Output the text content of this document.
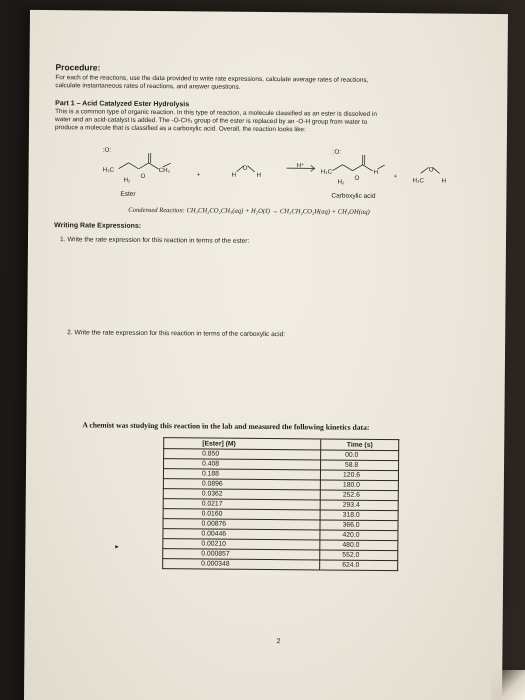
Procedure:
For each of the reactions, use the data provided to write rate expressions, calculate average rates of reactions,
calculate instantaneous rates of reactions, and answer questions.
Part 1 – Acid Catalyzed Ester Hydrolysis
This is a common type of organic reaction. In this type of reaction, a molecule classified as an ester is dissolved in
water and an acid-catalyst is added. The -O-CH₃ group of the ester is replaced by an -O-H group from water to
produce a molecule that is classified as a carboxylic acid. Overall, the reaction looks like:
:O:
H₃C	CH₃
O
H₂
+	H
O
H
H⁺
:O:
H₃C
O
H
H₂
+
H₃C
O
H
Ester	Carboxylic acid
Condensed Reaction: CH₃CH₂CO₂CH₃(aq) + H₂O(ℓ) → CH₃CH₂CO₂H(aq) + CH₃OH(aq)
Writing Rate Expressions:
1. Write the rate expression for this reaction in terms of the ester:
2. Write the rate expression for this reaction in terms of the carboxylic acid:
A chemist was studying this reaction in the lab and measured the following kinetics data:
[Ester] (M)	Time (s)
0.850	00.0
0.408	58.8
0.188	120.6
0.0896	180.0
0.0362	252.6
0.0217	293.4
0.0160	318.0
0.00876	366.0
0.00446	420.0
0.00210	480.0
0.000857	552.0
0.000348	624.0
▸
2
